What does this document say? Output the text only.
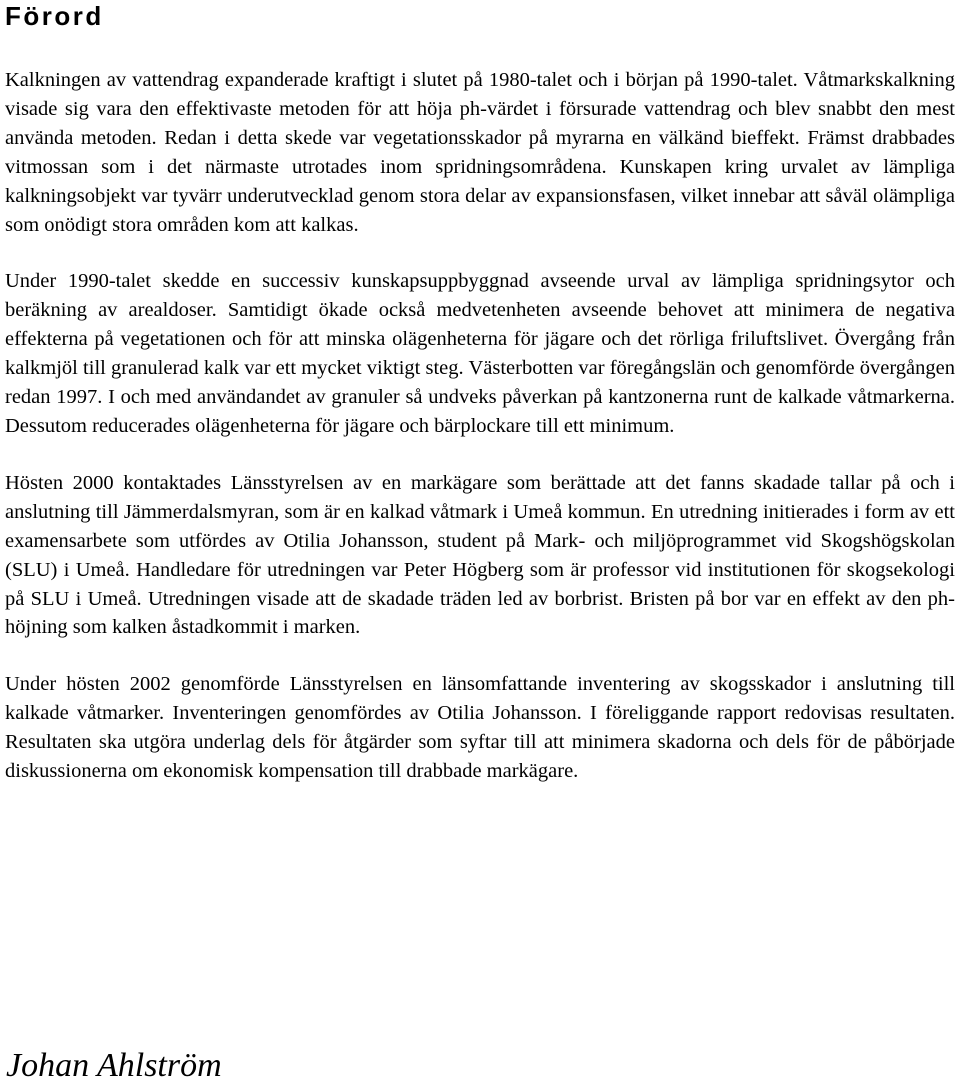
Förord

Kalkningen av vattendrag expanderade kraftigt i slutet på 1980-talet och i början på 1990-talet. Våtmarkskalkning visade sig vara den effektivaste metoden för att höja ph-värdet i försurade vattendrag och blev snabbt den mest använda metoden. Redan i detta skede var vegetationsskador på myrarna en välkänd bieffekt. Främst drabbades vitmossan som i det närmaste utrotades inom spridningsområdena. Kunskapen kring urvalet av lämpliga kalkningsobjekt var tyvärr underutvecklad genom stora delar av expansionsfasen, vilket innebar att såväl olämpliga som onödigt stora områden kom att kalkas.

Under 1990-talet skedde en successiv kunskapsuppbyggnad avseende urval av lämpliga spridningsytor och beräkning av arealdoser. Samtidigt ökade också medvetenheten avseende behovet att minimera de negativa effekterna på vegetationen och för att minska olägenheterna för jägare och det rörliga friluftslivet. Övergång från kalkmjöl till granulerad kalk var ett mycket viktigt steg. Västerbotten var föregångslän och genomförde övergången redan 1997. I och med användandet av granuler så undveks påverkan på kantzonerna runt de kalkade våtmarkerna. Dessutom reducerades olägenheterna för jägare och bärplockare till ett minimum.

Hösten 2000 kontaktades Länsstyrelsen av en markägare som berättade att det fanns skadade tallar på och i anslutning till Jämmerdalsmyran, som är en kalkad våtmark i Umeå kommun. En utredning initierades i form av ett examensarbete som utfördes av Otilia Johansson, student på Mark- och miljöprogrammet vid Skogshögskolan (SLU) i Umeå. Handledare för utredningen var Peter Högberg som är professor vid institutionen för skogsekologi på SLU i Umeå. Utredningen visade att de skadade träden led av borbrist. Bristen på bor var en effekt av den ph-höjning som kalken åstadkommit i marken.

Under hösten 2002 genomförde Länsstyrelsen en länsomfattande inventering av skogsskador i anslutning till kalkade våtmarker. Inventeringen genomfördes av Otilia Johansson. I föreliggande rapport redovisas resultaten. Resultaten ska utgöra underlag dels för åtgärder som syftar till att minimera skadorna och dels för de påbörjade diskussionerna om ekonomisk kompensation till drabbade markägare.

Johan Ahlström
